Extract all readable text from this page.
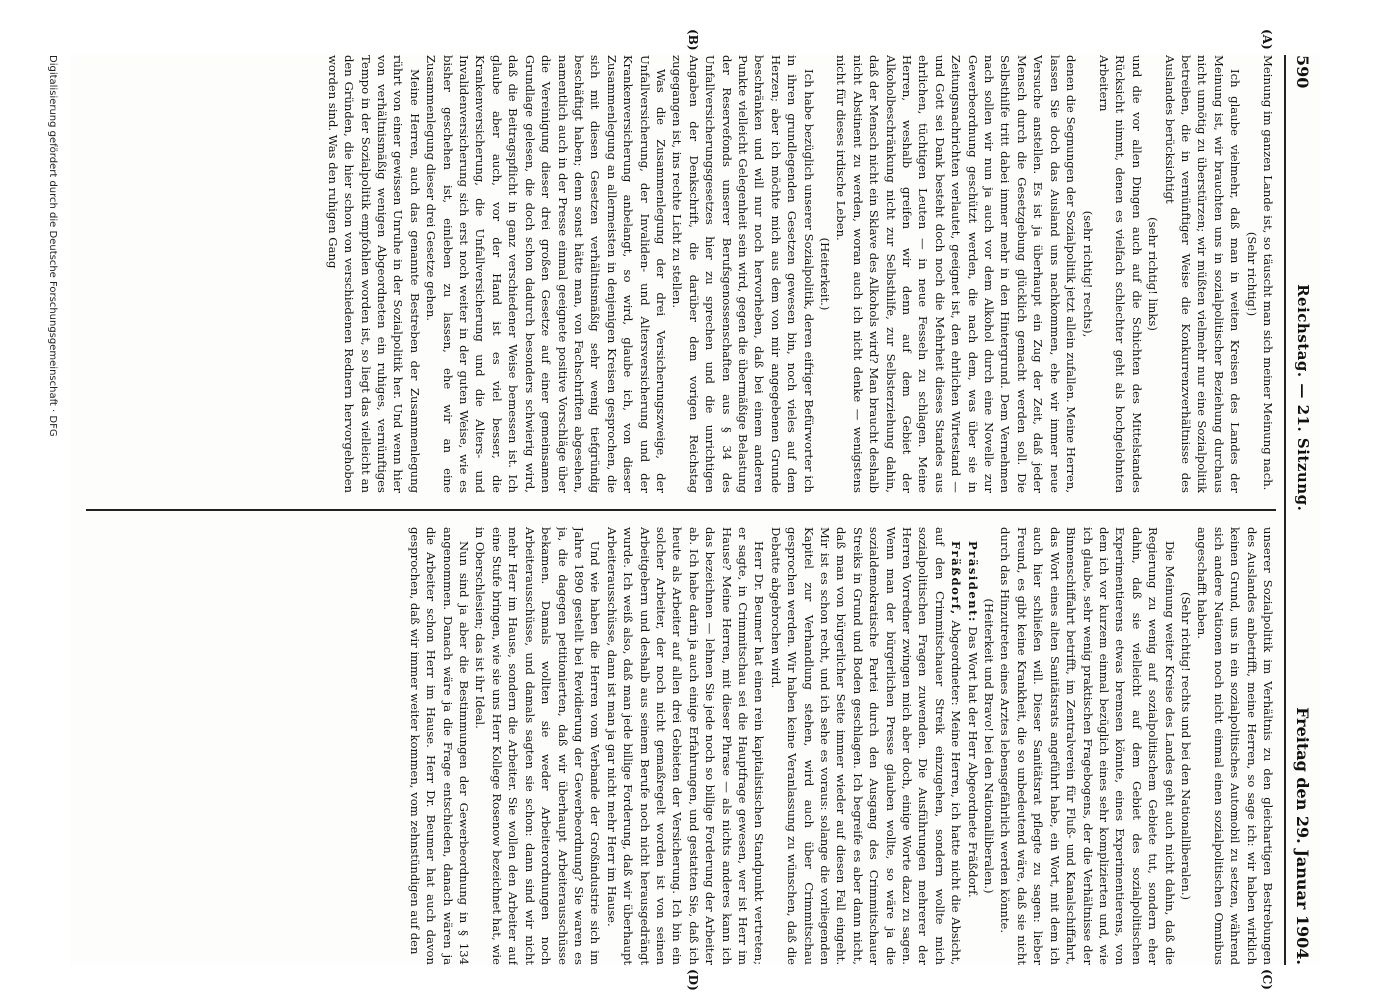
590
Reichstag. — 21. Sitzung.
Freitag den 29. Januar 1904.
(A)
(B)
(C)
(D)

Meinung im ganzen Lande ist, so täuscht man sich meiner Meinung nach.

(Sehr richtig!)

Ich glaube vielmehr, daß man in weiten Kreisen des Landes der Meinung ist, wir brauchten uns in sozialpolitischer Beziehung durchaus nicht unnötig zu überstürzen; wir müßten vielmehr nur eine Sozialpolitik betreiben, die in vernünftiger Weise die Konkurrenzverhältnisse des Auslandes berücksichtigt

(sehr richtig! links)

und die vor allen Dingen auch auf die Schichten des Mittelstandes Rücksicht nimmt, denen es vielfach schlechter geht als hochgelohnten Arbeitern

(sehr richtig! rechts),

denen die Segnungen der Sozialpolitik jetzt allein zufallen. Meine Herren, lassen Sie doch das Ausland uns nachkommen, ehe wir immer neue Versuche anstellen. Es ist ja überhaupt ein Zug der Zeit, daß jeder Mensch durch die Gesetzgebung glücklich gemacht werden soll. Die Selbsthilfe tritt dabei immer mehr in den Hintergrund. Dem Vernehmen nach sollen wir nun ja auch vor dem Alkohol durch eine Novelle zur Gewerbeordnung geschützt werden, die nach dem, was über sie in Zeitungsnachrichten verlautet, geeignet ist, den ehrlichen Wirtestand — und Gott sei Dank besteht doch noch die Mehrheit dieses Standes aus ehrlichen, tüchtigen Leuten — in neue Fesseln zu schlagen. Meine Herren, weshalb greifen wir denn auf dem Gebiet der Alkoholbeschränkung nicht zur Selbsthilfe, zur Selbsterziehung dahin, daß der Mensch nicht ein Sklave des Alkohols wird? Man braucht deshalb nicht Abstinent zu werden, woran auch ich nicht denke — wenigstens nicht für dieses irdische Leben.

(Heiterkeit.)

Ich habe bezüglich unserer Sozialpolitik, deren eifriger Befürworter ich in ihren grundlegenden Gesetzen gewesen bin, noch vieles auf dem Herzen; aber ich möchte mich aus dem von mir angegebenen Grunde beschränken und will nur noch hervorheben, daß bei einem anderen Punkte vielleicht Gelegenheit sein wird, gegen die übermäßige Belastung der Reservefonds unserer Berufsgenossenschaften aus § 34 des Unfallversicherungsgesetzes hier zu sprechen und die unrichtigen Angaben der Denkschrift, die darüber dem vorigen Reichstag zugegangen ist, ins rechte Licht zu stellen.

Was die Zusammenlegung der drei Versicherungszweige, der Unfallversicherung, der Invaliden- und Altersversicherung und der Krankenversicherung anbelangt, so wird, glaube ich, von dieser Zusammenlegung an allermeisten in denjenigen Kreisen gesprochen, die sich mit diesen Gesetzen verhältnismäßig sehr wenig tiefgründig beschäftigt haben; denn sonst hätte man, von Fachschriften abgesehen, namentlich auch in der Presse einmal geeignete positive Vorschläge über die Vereinigung dieser drei großen Gesetze auf einer gemeinsamen Grundlage gelesen, die doch schon dadurch besonders schwierig wird, daß die Beitragspflicht in ganz verschiedener Weise bemessen ist. Ich glaube aber auch, vor der Hand ist es viel besser, die Krankenversicherung, die Unfallversicherung und die Alters- und Invalidenversicherung sich erst noch weiter in der guten Weise, wie es bisher geschehen ist, einleben zu lassen, ehe wir an eine Zusammenlegung dieser drei Gesetze gehen.

Meine Herren, auch das genannte Bestreben der Zusammenlegung rührt von einer gewissen Unruhe in der Sozialpolitik her. Und wenn hier von verhältnismäßig wenigen Abgeordneten ein ruhiges, vernünftiges Tempo in der Sozialpolitik empfohlen worden ist, so liegt das vielleicht an den Gründen, die hier schon von verschiedenen Rednern hervorgehoben worden sind. Was den ruhigen Gang

unserer Sozialpolitik im Verhältnis zu den gleichartigen Bestrebungen des Auslandes anbetrifft, meine Herren, so sage ich: wir haben wirklich keinen Grund, uns in ein sozialpolitisches Automobil zu setzen, während sich andere Nationen noch nicht einmal einen sozialpolitischen Omnibus angeschafft haben.

(Sehr richtig! rechts und bei den Nationalliberalen.)

Die Meinung weiter Kreise des Landes geht auch nicht dahin, daß die Regierung zu wenig auf sozialpolitischem Gebiete tut, sondern eher dahin, daß sie vielleicht auf dem Gebiet des sozialpolitischen Experimentierens etwas bremsen könnte, eines Experimentierens, von dem ich vor kurzem einmal bezüglich eines sehr komplizierten und, wie ich glaube, sehr wenig praktischen Fragebogens, der die Verhältnisse der Binnenschiffahrt betrifft, im Zentralverein für Fluß- und Kanalschiffahrt, das Wort eines alten Sanitätsrats angeführt habe, ein Wort, mit dem ich auch hier schließen will. Dieser Sanitätsrat pflegte zu sagen: lieber Freund, es gibt keine Krankheit, die so unbedeutend wäre, daß sie nicht durch das Hinzutreten eines Arztes lebensgefährlich werden könnte.

(Heiterkeit und Bravo! bei den Nationalliberalen.)

Präsident: Das Wort hat der Herr Abgeordnete Fräßdorf.

Fräßdorf, Abgeordneter: Meine Herren, ich hatte nicht die Absicht, auf den Crimmitschauer Streik einzugehen, sondern wollte mich sozialpolitischen Fragen zuwenden. Die Ausführungen mehrerer der Herren Vorredner zwingen mich aber doch, einige Worte dazu zu sagen. Wenn man der bürgerlichen Presse glauben wollte, so wäre ja die sozialdemokratische Partei durch den Ausgang des Crimmitschauer Streiks in Grund und Boden geschlagen. Ich begreife es aber dann nicht, daß man von bürgerlicher Seite immer wieder auf diesen Fall eingeht. Mir ist es schon recht, und ich sehe es voraus: solange die vorliegenden Kapitel zur Verhandlung stehen, wird auch über Crimmitschau gesprochen werden. Wir haben keine Veranlassung zu wünschen, daß die Debatte abgebrochen wird.

Herr Dr. Beumer hat einen rein kapitalistischen Standpunkt vertreten; er sagte, in Crimmitschau sei die Hauptfrage gewesen, wer ist Herr im Hause? Meine Herren, mit dieser Phrase — als nichts anderes kann ich das bezeichnen — lehnen Sie jede noch so billige Forderung der Arbeiter ab. Ich habe darin ja auch einige Erfahrungen, und gestatten Sie, daß ich heute als Arbeiter auf allen drei Gebieten der Versicherung. Ich bin ein solcher Arbeiter, der noch nicht gemaßregelt worden ist von seinen Arbeitgebern und deshalb aus seinem Berufe noch nicht herausgedrängt wurde. Ich weiß also, daß man jede billige Forderung, daß wir überhaupt Arbeiterausschüsse, dann ist man ja gar nicht mehr Herr im Hause.

Und wie haben die Herren vom Verbande der Großindustrie sich im Jahre 1890 gestellt bei Revidierung der Gewerbeordnung? Sie waren es ja, die dagegen petitionierten, daß wir überhaupt Arbeiterausschüsse bekamen. Damals wollten sie weder Arbeiterordnungen noch Arbeiterausschüsse, und damals sagten sie schon: dann sind wir nicht mehr Herr im Hause, sondern die Arbeiter. Sie wollen den Arbeiter auf eine Stufe bringen, wie sie uns Herr Kollege Rosenow bezeichnet hat, wie in Oberschlesien; das ist ihr Ideal.

Nun sind ja aber die Bestimmungen der Gewerbeordnung in § 134 angenommen. Danach wäre ja die Frage entschieden, danach wären ja die Arbeiter schon Herr im Hause. Herr Dr. Beumer hat auch davon gesprochen, daß wir immer weiter kommen, vom zehnstündigen auf den

Digitalisierung gefördert durch die Deutsche Forschungsgemeinschaft · DFG
